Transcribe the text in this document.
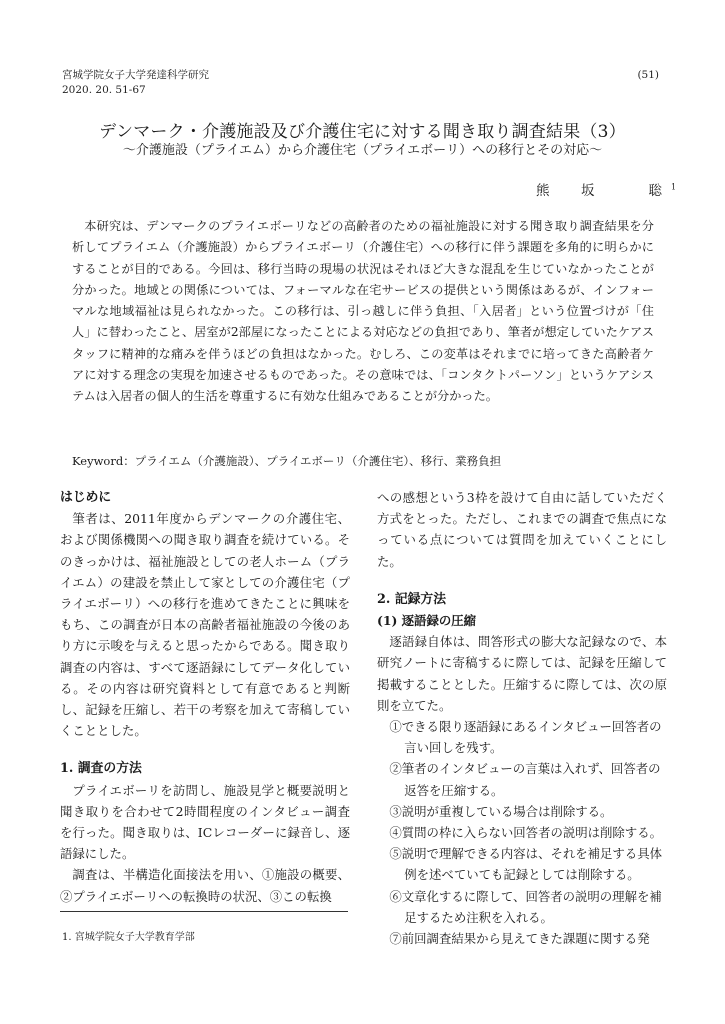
宮城学院女子大学発達科学研究
2020. 20. 51-67
(51)
デンマーク・介護施設及び介護住宅に対する聞き取り調査結果（3）
～介護施設（プライエム）から介護住宅（プライエボーリ）への移行とその対応～
熊　坂　　聡$^1$

本研究は、デンマークのプライエボーリなどの高齢者のための福祉施設に対する聞き取り調査結果を分析してプライエム（介護施設）からプライエボーリ（介護住宅）への移行に伴う課題を多角的に明らかにすることが目的である。今回は、移行当時の現場の状況はそれほど大きな混乱を生じていなかったことが分かった。地域との関係については、フォーマルな在宅サービスの提供という関係はあるが、インフォーマルな地域福祉は見られなかった。この移行は、引っ越しに伴う負担、「入居者」という位置づけが「住人」に替わったこと、居室が2部屋になったことによる対応などの負担であり、筆者が想定していたケアスタッフに精神的な痛みを伴うほどの負担はなかった。むしろ、この変革はそれまでに培ってきた高齢者ケアに対する理念の実現を加速させるものであった。その意味では、「コンタクトパーソン」というケアシステムは入居者の個人的生活を尊重するに有効な仕組みであることが分かった。

Keyword：プライエム（介護施設）、プライエボーリ（介護住宅）、移行、業務負担
はじめに

筆者は、2011年度からデンマークの介護住宅、および関係機関への聞き取り調査を続けている。そのきっかけは、福祉施設としての老人ホーム（プライエム）の建設を禁止して家としての介護住宅（プライエボーリ）への移行を進めてきたことに興味をもち、この調査が日本の高齢者福祉施設の今後のあり方に示唆を与えると思ったからである。聞き取り調査の内容は、すべて逐語録にしてデータ化している。その内容は研究資料として有意であると判断し、記録を圧縮し、若干の考察を加えて寄稿していくこととした。

1. 調査の方法

プライエボーリを訪問し、施設見学と概要説明と聞き取りを合わせて2時間程度のインタビュー調査を行った。聞き取りは、ICレコーダーに録音し、逐語録にした。

調査は、半構造化面接法を用い、①施設の概要、②プライエボーリへの転換時の状況、③この転換

1. 宮城学院女子大学教育学部

への感想という3枠を設けて自由に話していただく方式をとった。ただし、これまでの調査で焦点になっている点については質問を加えていくことにした。

2. 記録方法
(1) 逐語録の圧縮

逐語録自体は、問答形式の膨大な記録なので、本研究ノートに寄稿するに際しては、記録を圧縮して掲載することとした。圧縮するに際しては、次の原則を立てた。

①できる限り逐語録にあるインタビュー回答者の言い回しを残す。
②筆者のインタビューの言葉は入れず、回答者の返答を圧縮する。
③説明が重複している場合は削除する。
④質問の枠に入らない回答者の説明は削除する。
⑤説明で理解できる内容は、それを補足する具体例を述べていても記録としては削除する。
⑥文章化するに際して、回答者の説明の理解を補足するため注釈を入れる。
⑦前回調査結果から見えてきた課題に関する発
